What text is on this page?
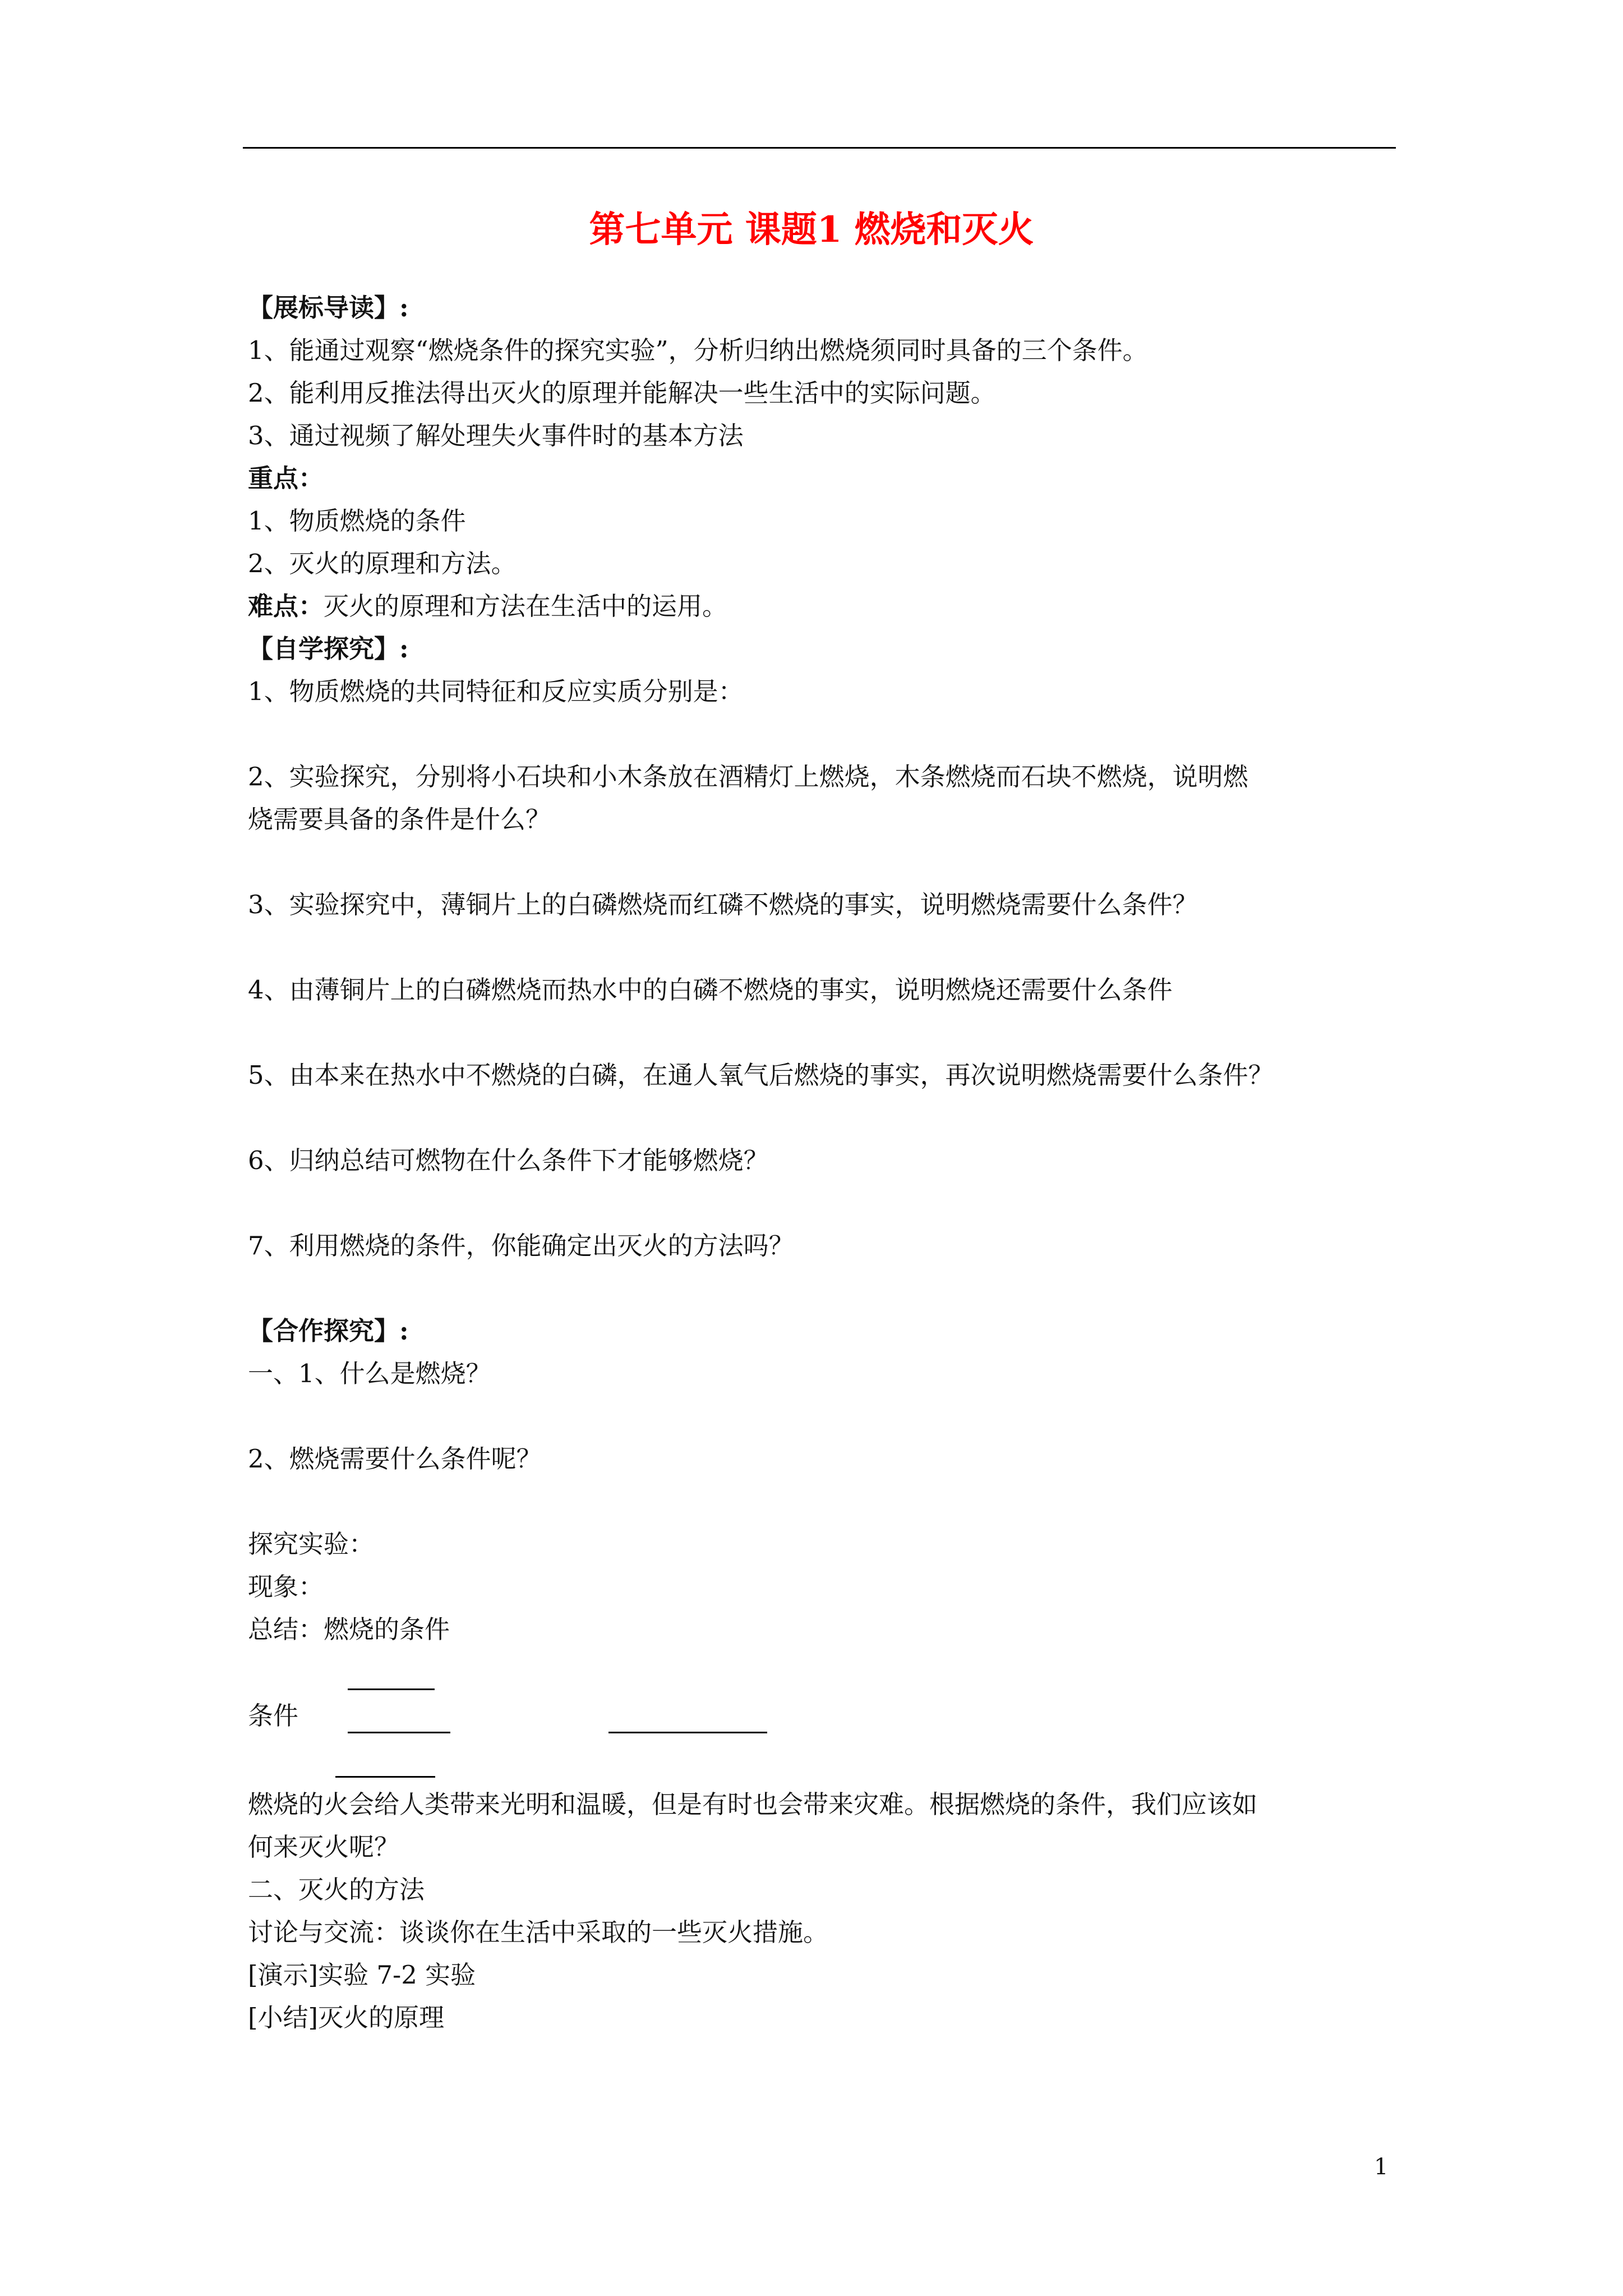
第七单元 课题1 燃烧和灭火

【展标导读】:

1、能通过观察“燃烧条件的探究实验”，分析归纳出燃烧须同时具备的三个条件。

2、能利用反推法得出灭火的原理并能解决一些生活中的实际问题。

3、通过视频了解处理失火事件时的基本方法

重点：

1、物质燃烧的条件

2、灭火的原理和方法。

难点：灭火的原理和方法在生活中的运用。

【自学探究】:

1、物质燃烧的共同特征和反应实质分别是：

2、实验探究，分别将小石块和小木条放在酒精灯上燃烧，木条燃烧而石块不燃烧，说明燃

烧需要具备的条件是什么？

3、实验探究中，薄铜片上的白磷燃烧而红磷不燃烧的事实，说明燃烧需要什么条件？

4、由薄铜片上的白磷燃烧而热水中的白磷不燃烧的事实，说明燃烧还需要什么条件

5、由本来在热水中不燃烧的白磷，在通人氧气后燃烧的事实，再次说明燃烧需要什么条件？

6、归纳总结可燃物在什么条件下才能够燃烧？

7、利用燃烧的条件，你能确定出灭火的方法吗？

【合作探究】:

一、1、什么是燃烧？

2、燃烧需要什么条件呢？

探究实验：

现象：

总结：燃烧的条件

条件

燃烧的火会给人类带来光明和温暖，但是有时也会带来灾难。根据燃烧的条件，我们应该如

何来灭火呢？

二、灭火的方法

讨论与交流：谈谈你在生活中采取的一些灭火措施。

[演示]实验 7-2 实验

[小结]灭火的原理

1
